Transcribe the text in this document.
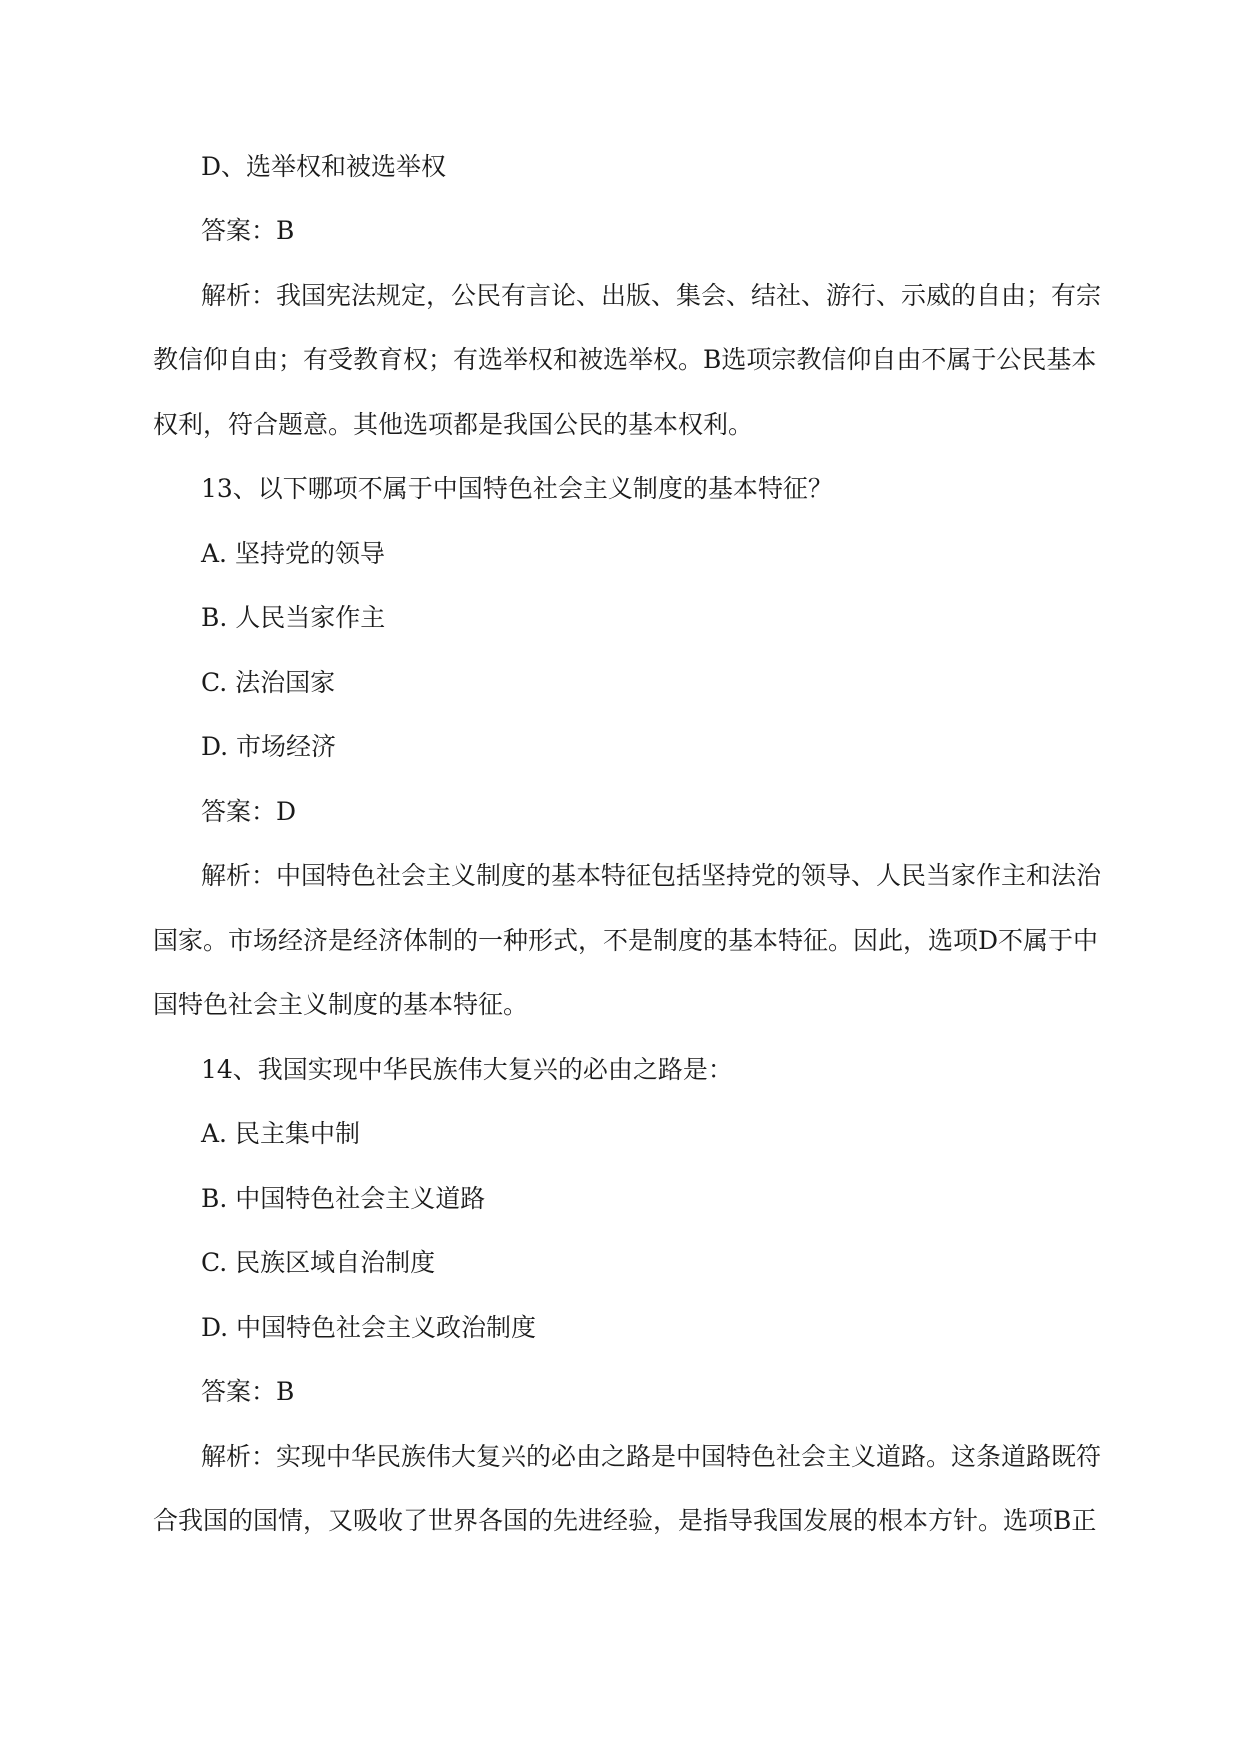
D、选举权和被选举权
答案：B
解析：我国宪法规定，公民有言论、出版、集会、结社、游行、示威的自由；有宗
教信仰自由；有受教育权；有选举权和被选举权。B选项宗教信仰自由不属于公民基本
权利，符合题意。其他选项都是我国公民的基本权利。
13、以下哪项不属于中国特色社会主义制度的基本特征？
A. 坚持党的领导
B. 人民当家作主
C. 法治国家
D. 市场经济
答案：D
解析：中国特色社会主义制度的基本特征包括坚持党的领导、人民当家作主和法治
国家。市场经济是经济体制的一种形式，不是制度的基本特征。因此，选项D不属于中
国特色社会主义制度的基本特征。
14、我国实现中华民族伟大复兴的必由之路是：
A. 民主集中制
B. 中国特色社会主义道路
C. 民族区域自治制度
D. 中国特色社会主义政治制度
答案：B
解析：实现中华民族伟大复兴的必由之路是中国特色社会主义道路。这条道路既符
合我国的国情，又吸收了世界各国的先进经验，是指导我国发展的根本方针。选项B正
